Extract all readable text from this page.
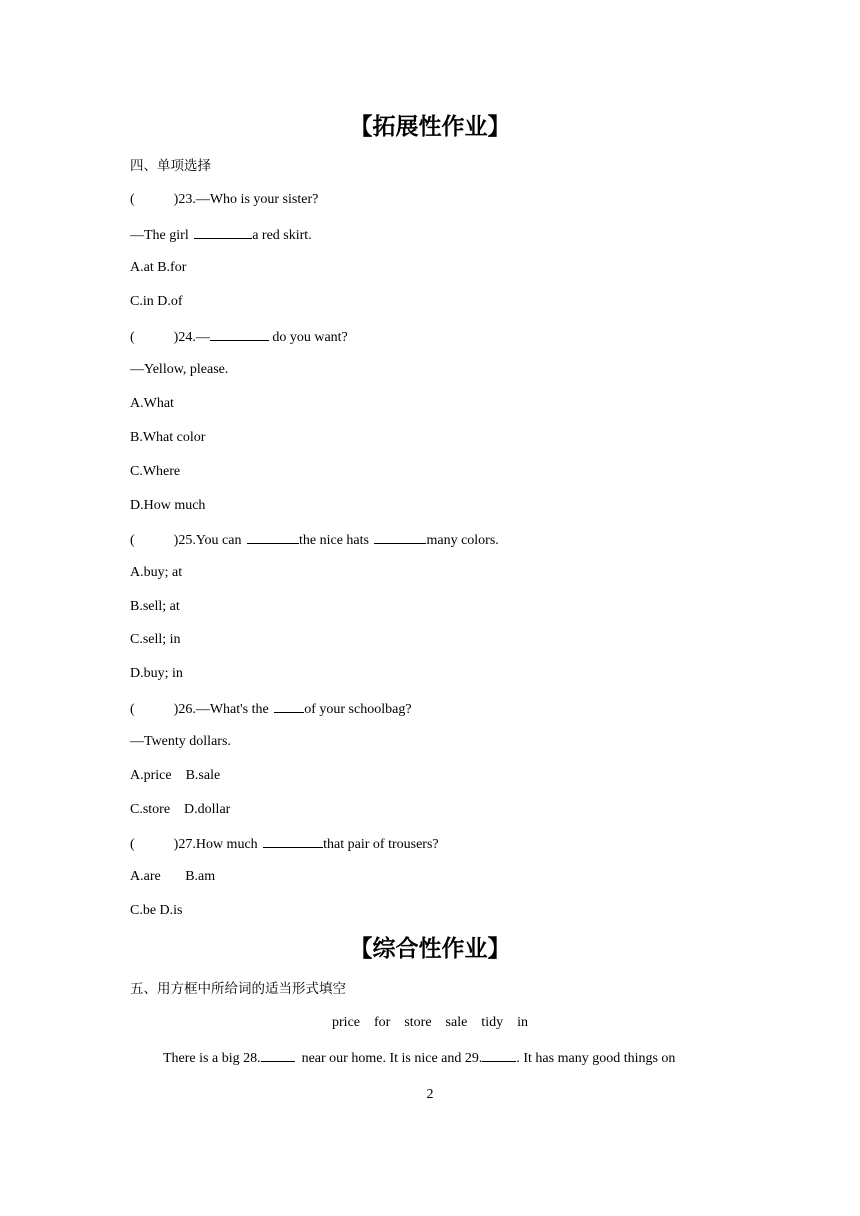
【拓展性作业】
四、单项选择
(	)23.—Who is your sister?
—The girl	a red skirt.
A.at B.for
C.in D.of
(	)24.—	do you want?
—Yellow, please.
A.What
B.What color
C.Where
D.How much
(	)25.You can	the nice hats	many colors.
A.buy; at
B.sell; at
C.sell; in
D.buy; in
(	)26.—What's the of your schoolbag?
—Twenty dollars.
A.price    B.sale
C.store    D.dollar
(	)27.How much	that pair of trousers?
A.are       B.am
C.be D.is
【综合性作业】
五、用方框中所给词的适当形式填空
price    for    store    sale    tidy    in
There is a big 28.  near our home. It is nice and 29. . It has many good things on
2
